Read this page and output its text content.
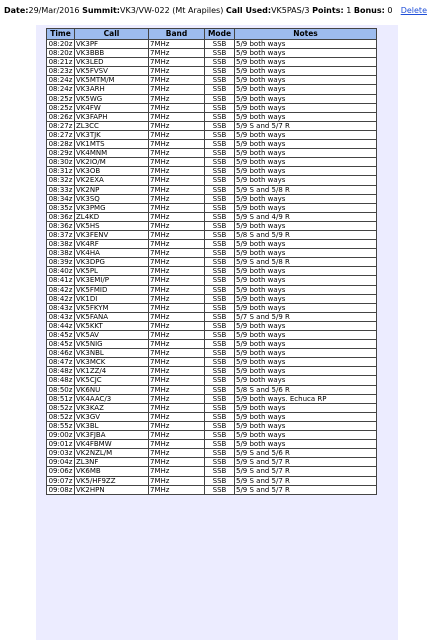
Date:29/Mar/2016 Summit:VK3/VW-022 (Mt Arapiles) Call Used:VK5PAS/3 Points: 1 Bonus: 0 Delete
Time	Call	Band	Mode	Notes
08:20z	VK3PF	7MHz	SSB	5/9 both ways
08:20z	VK3BBB	7MHz	SSB	5/9 both ways
08:21z	VK3LED	7MHz	SSB	5/9 both ways
08:23z	VK5FVSV	7MHz	SSB	5/9 both ways
08:24z	VK5MTM/M	7MHz	SSB	5/9 both ways
08:24z	VK3ARH	7MHz	SSB	5/9 both ways
08:25z	VK5WG	7MHz	SSB	5/9 both ways
08:25z	VK4FW	7MHz	SSB	5/9 both ways
08:26z	VK3FAPH	7MHz	SSB	5/9 both ways
08:27z	ZL3CC	7MHz	SSB	5/9 S and 5/7 R
08:27z	VK3TJK	7MHz	SSB	5/9 both ways
08:28z	VK1MTS	7MHz	SSB	5/9 both ways
08:29z	VK4MNM	7MHz	SSB	5/9 both ways
08:30z	VK2IO/M	7MHz	SSB	5/9 both ways
08:31z	VK3OB	7MHz	SSB	5/9 both ways
08:32z	VK2EXA	7MHz	SSB	5/9 both ways
08:33z	VK2NP	7MHz	SSB	5/9 S and 5/8 R
08:34z	VK3SQ	7MHz	SSB	5/9 both ways
08:35z	VK3PMG	7MHz	SSB	5/9 both ways
08:36z	ZL4KD	7MHz	SSB	5/9 S and 4/9 R
08:36z	VK5HS	7MHz	SSB	5/9 both ways
08:37z	VK3FENV	7MHz	SSB	5/8 S and 5/9 R
08:38z	VK4RF	7MHz	SSB	5/9 both ways
08:38z	VK4HA	7MHz	SSB	5/9 both ways
08:39z	VK3DPG	7MHz	SSB	5/9 S and 5/8 R
08:40z	VK5PL	7MHz	SSB	5/9 both ways
08:41z	VK3EMI/P	7MHz	SSB	5/9 both ways
08:42z	VK5FMID	7MHz	SSB	5/9 both ways
08:42z	VK1DI	7MHz	SSB	5/9 both ways
08:43z	VK5FKYM	7MHz	SSB	5/9 both ways
08:43z	VK5FANA	7MHz	SSB	5/7 S and 5/9 R
08:44z	VK5KKT	7MHz	SSB	5/9 both ways
08:45z	VK5AV	7MHz	SSB	5/9 both ways
08:45z	VK5NIG	7MHz	SSB	5/9 both ways
08:46z	VK3NBL	7MHz	SSB	5/9 both ways
08:47z	VK3MCK	7MHz	SSB	5/9 both ways
08:48z	VK1ZZ/4	7MHz	SSB	5/9 both ways
08:48z	VK5CJC	7MHz	SSB	5/9 both ways
08:50z	VK6NU	7MHz	SSB	5/8 S and 5/6 R
08:51z	VK4AAC/3	7MHz	SSB	5/9 both ways. Echuca RP
08:52z	VK3KAZ	7MHz	SSB	5/9 both ways
08:52z	VK3GV	7MHz	SSB	5/9 both ways
08:55z	VK3BL	7MHz	SSB	5/9 both ways
09:00z	VK3FJBA	7MHz	SSB	5/9 both ways
09:01z	VK4FBMW	7MHz	SSB	5/9 both ways
09:03z	VK2NZL/M	7MHz	SSB	5/9 S and 5/6 R
09:04z	ZL3NF	7MHz	SSB	5/9 S and 5/7 R
09:06z	VK6MB	7MHz	SSB	5/9 S and 5/7 R
09:07z	VK5/HF9ZZ	7MHz	SSB	5/9 S and 5/7 R
09:08z	VK2HPN	7MHz	SSB	5/9 S and 5/7 R
